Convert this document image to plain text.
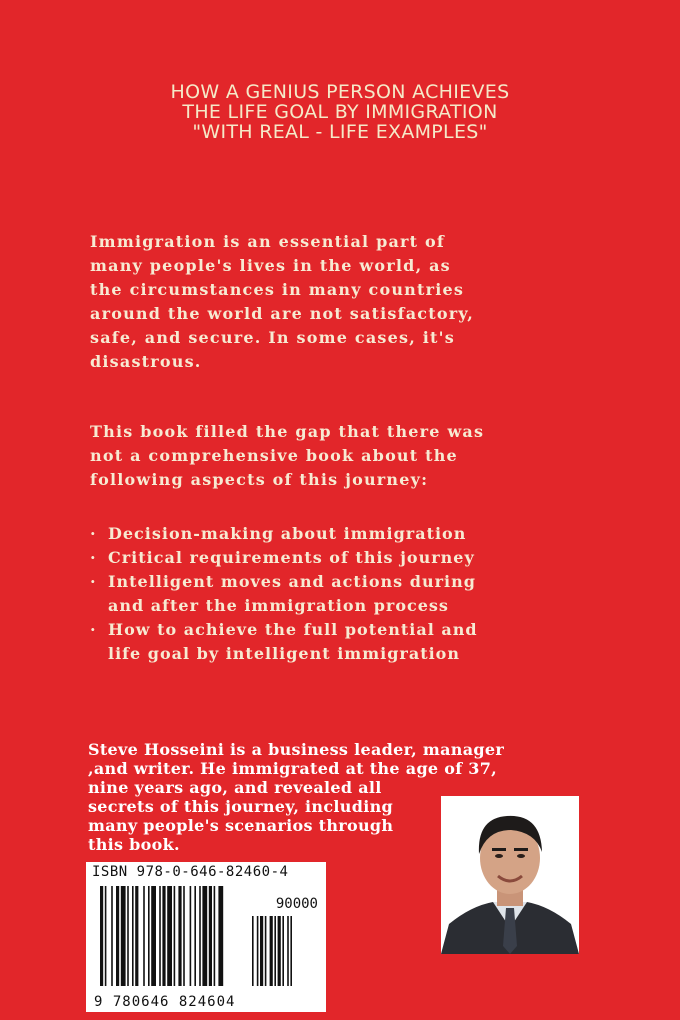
HOW A GENIUS PERSON ACHIEVES
THE LIFE GOAL BY IMMIGRATION
"WITH REAL - LIFE EXAMPLES"
Immigration is an essential part of
many people's lives in the world, as
the circumstances in many countries
around the world are not satisfactory,
safe, and secure. In some cases, it's
disastrous.
This book filled the gap that there was
not a comprehensive book about the
following aspects of this journey:
· Decision-making about immigration
· Critical requirements of this journey
· Intelligent moves and actions during
and after the immigration process
· How to achieve the full potential and
life goal by intelligent immigration
Steve Hosseini is a business leader, manager
,and writer. He immigrated at the age of 37,
nine years ago, and revealed all
secrets of this journey, including
many people's scenarios through
this book.
ISBN 978-0-646-82460-4
90000
9 780646 824604
